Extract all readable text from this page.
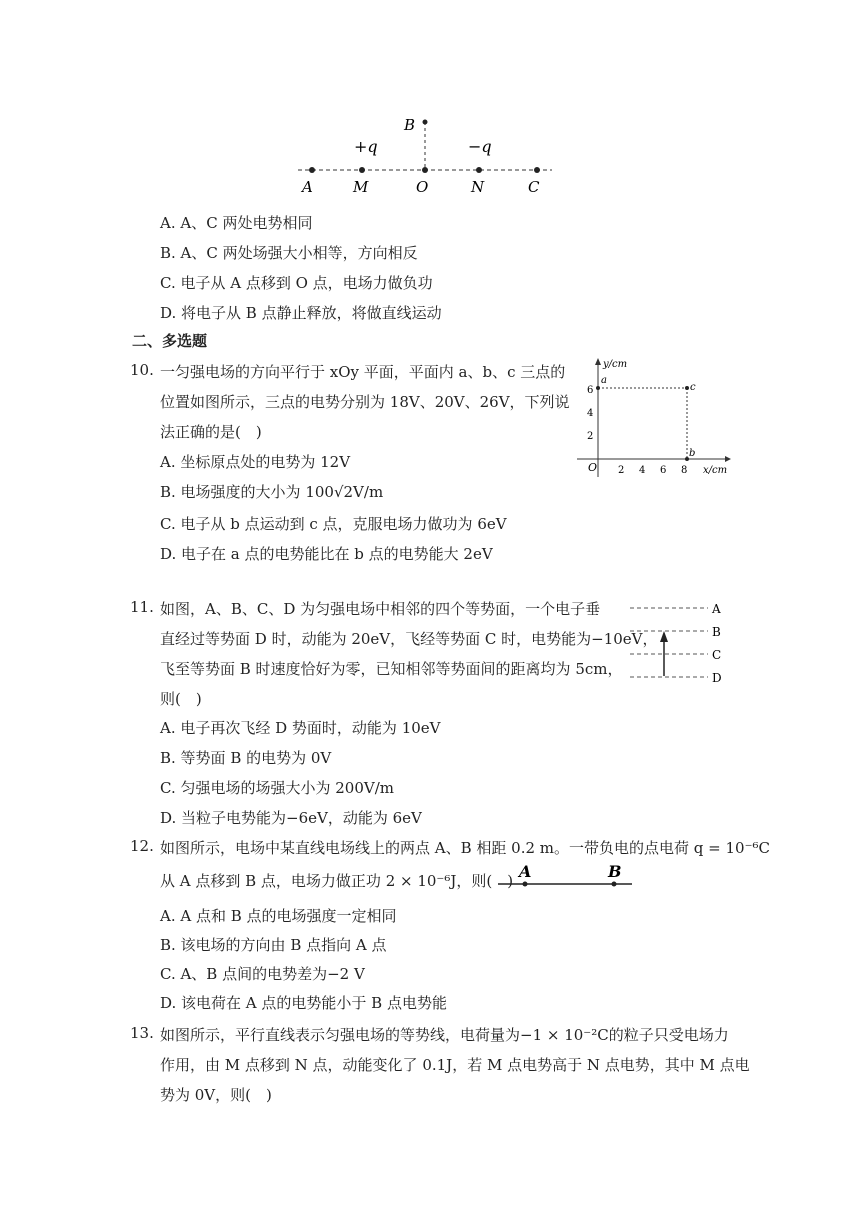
B
+q	−q
A	M	O	N	C
A. A、C 两处电势相同
B. A、C 两处场强大小相等，方向相反
C. 电子从 A 点移到 O 点，电场力做负功
D. 将电子从 B 点静止释放，将做直线运动
二、多选题
10. 一匀强电场的方向平行于 xOy 平面，平面内 a、b、c 三点的
位置如图所示，三点的电势分别为 18V、20V、26V，下列说
法正确的是(　)
A. 坐标原点处的电势为 12V
B. 电场强度的大小为 100√2V/m
C. 电子从 b 点运动到 c 点，克服电场力做功为 6eV
D. 电子在 a 点的电势能比在 b 点的电势能大 2eV
y/cm
x/cm
O
6
4
2
2 4 6 8
a
c
b
11. 如图，A、B、C、D 为匀强电场中相邻的四个等势面，一个电子垂
直经过等势面 D 时，动能为 20eV，飞经等势面 C 时，电势能为−10eV，
飞至等势面 B 时速度恰好为零，已知相邻等势面间的距离均为 5cm，
则(　)
A. 电子再次飞经 D 势面时，动能为 10eV
B. 等势面 B 的电势为 0V
C. 匀强电场的场强大小为 200V/m
D. 当粒子电势能为−6eV，动能为 6eV
A
B
C
D
12. 如图所示，电场中某直线电场线上的两点 A、B 相距 0.2 m。一带负电的点电荷 q = 10⁻⁶C
从 A 点移到 B 点，电场力做正功 2 × 10⁻⁶J，则(　) A	B
A. A 点和 B 点的电场强度一定相同
B. 该电场的方向由 B 点指向 A 点
C. A、B 点间的电势差为−2 V
D. 该电荷在 A 点的电势能小于 B 点电势能
13. 如图所示，平行直线表示匀强电场的等势线，电荷量为−1 × 10⁻²C的粒子只受电场力
作用，由 M 点移到 N 点，动能变化了 0.1J，若 M 点电势高于 N 点电势，其中 M 点电
势为 0V，则(　)
